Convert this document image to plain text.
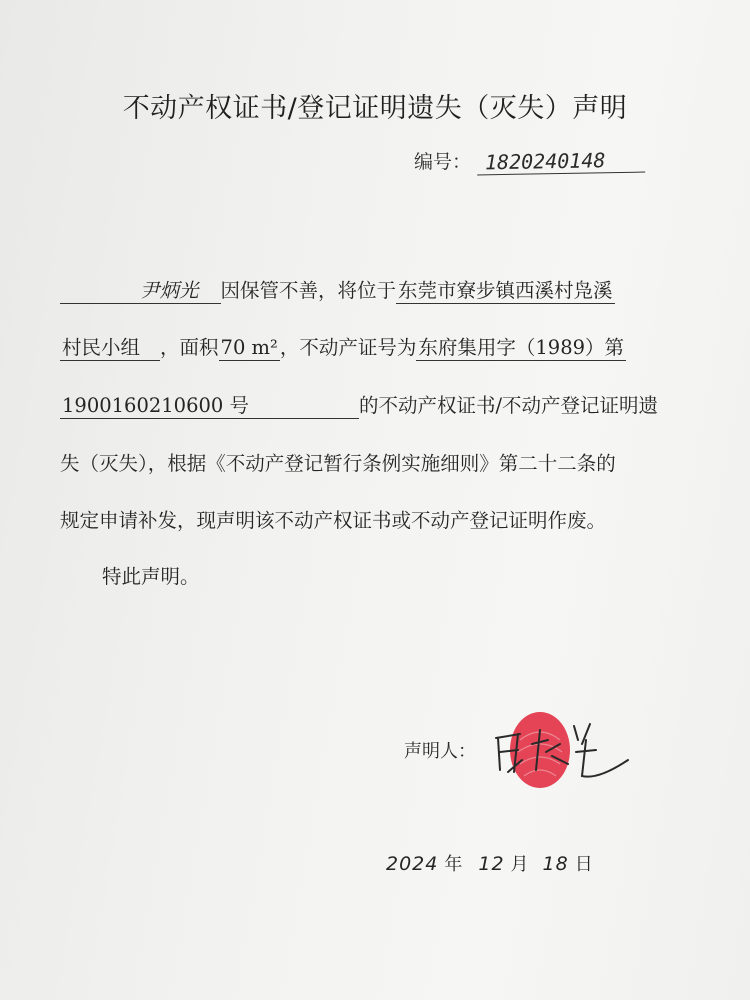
不动产权证书/登记证明遗失（灭失）声明
编号： 1820240148
尹炳光 因保管不善，将位于 东莞市寮步镇西溪村凫溪
村民小组 ，面积 70 m² ，不动产证号为 东府集用字（1989）第
1900160210600 号	的不动产权证书/不动产登记证明遗
失（灭失），根据《不动产登记暂行条例实施细则》第二十二条的
规定申请补发，现声明该不动产权证书或不动产登记证明作废。
特此声明。
声明人：
2024 年 12 月 18 日
